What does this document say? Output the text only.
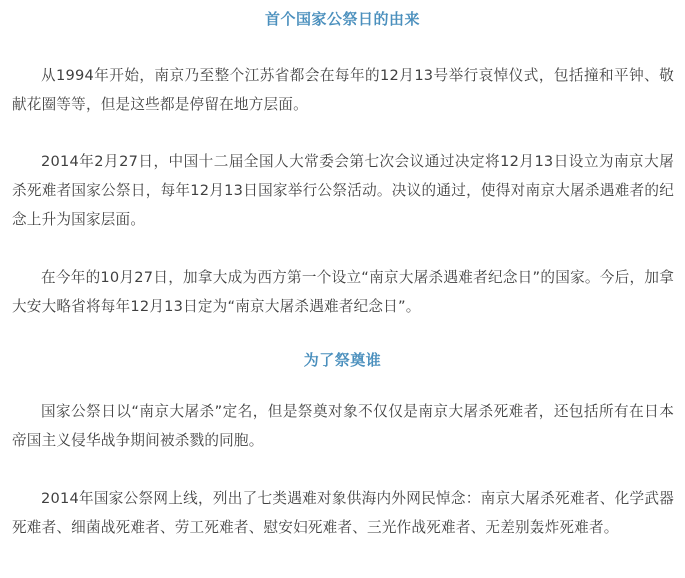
首个国家公祭日的由来

从1994年开始，南京乃至整个江苏省都会在每年的12月13号举行哀悼仪式，包括撞和平钟、敬献花圈等等，但是这些都是停留在地方层面。

2014年2月27日，中国十二届全国人大常委会第七次会议通过决定将12月13日设立为南京大屠杀死难者国家公祭日，每年12月13日国家举行公祭活动。决议的通过，使得对南京大屠杀遇难者的纪念上升为国家层面。

在今年的10月27日，加拿大成为西方第一个设立“南京大屠杀遇难者纪念日”的国家。今后，加拿大安大略省将每年12月13日定为“南京大屠杀遇难者纪念日”。

为了祭奠谁

国家公祭日以“南京大屠杀”定名，但是祭奠对象不仅仅是南京大屠杀死难者，还包括所有在日本帝国主义侵华战争期间被杀戮的同胞。

2014年国家公祭网上线，列出了七类遇难对象供海内外网民悼念：南京大屠杀死难者、化学武器死难者、细菌战死难者、劳工死难者、慰安妇死难者、三光作战死难者、无差别轰炸死难者。
